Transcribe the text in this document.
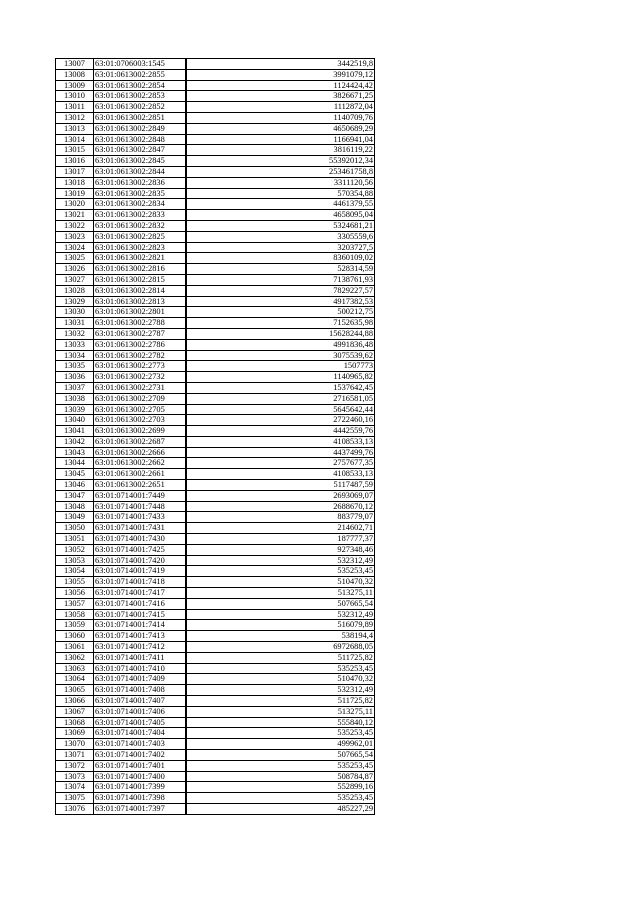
13007	63:01:0706003:1545	3442519,8
13008	63:01:0613002:2855	3991079,12
13009	63:01:0613002:2854	1124424,42
13010	63:01:0613002:2853	3826671,25
13011	63:01:0613002:2852	1112872,04
13012	63:01:0613002:2851	1140709,76
13013	63:01:0613002:2849	4650689,29
13014	63:01:0613002:2848	1166941,04
13015	63:01:0613002:2847	3816119,22
13016	63:01:0613002:2845	55392012,34
13017	63:01:0613002:2844	253461758,8
13018	63:01:0613002:2836	3311120,56
13019	63:01:0613002:2835	570354,88
13020	63:01:0613002:2834	4461379,55
13021	63:01:0613002:2833	4658095,04
13022	63:01:0613002:2832	5324681,21
13023	63:01:0613002:2825	3305559,6
13024	63:01:0613002:2823	3203727,5
13025	63:01:0613002:2821	8360109,02
13026	63:01:0613002:2816	528314,59
13027	63:01:0613002:2815	7138761,93
13028	63:01:0613002:2814	7829227,57
13029	63:01:0613002:2813	4917382,53
13030	63:01:0613002:2801	500212,75
13031	63:01:0613002:2788	7152635,98
13032	63:01:0613002:2787	15628244,88
13033	63:01:0613002:2786	4991836,48
13034	63:01:0613002:2782	3075539,62
13035	63:01:0613002:2773	1507773
13036	63:01:0613002:2732	1140965,82
13037	63:01:0613002:2731	1537642,45
13038	63:01:0613002:2709	2716581,05
13039	63:01:0613002:2705	5645642,44
13040	63:01:0613002:2703	2722460,16
13041	63:01:0613002:2699	4442559,76
13042	63:01:0613002:2687	4108533,13
13043	63:01:0613002:2666	4437499,76
13044	63:01:0613002:2662	2757677,35
13045	63:01:0613002:2661	4108533,13
13046	63:01:0613002:2651	5117487,59
13047	63:01:0714001:7449	2693069,07
13048	63:01:0714001:7448	2688670,12
13049	63:01:0714001:7433	883779,07
13050	63:01:0714001:7431	214602,71
13051	63:01:0714001:7430	187777,37
13052	63:01:0714001:7425	927348,46
13053	63:01:0714001:7420	532312,49
13054	63:01:0714001:7419	535253,45
13055	63:01:0714001:7418	510470,32
13056	63:01:0714001:7417	513275,11
13057	63:01:0714001:7416	507665,54
13058	63:01:0714001:7415	532312,49
13059	63:01:0714001:7414	516079,89
13060	63:01:0714001:7413	538194,4
13061	63:01:0714001:7412	6972688,05
13062	63:01:0714001:7411	511725,82
13063	63:01:0714001:7410	535253,45
13064	63:01:0714001:7409	510470,32
13065	63:01:0714001:7408	532312,49
13066	63:01:0714001:7407	511725,82
13067	63:01:0714001:7406	513275,11
13068	63:01:0714001:7405	555840,12
13069	63:01:0714001:7404	535253,45
13070	63:01:0714001:7403	499962,01
13071	63:01:0714001:7402	507665,54
13072	63:01:0714001:7401	535253,45
13073	63:01:0714001:7400	508784,87
13074	63:01:0714001:7399	552899,16
13075	63:01:0714001:7398	535253,45
13076	63:01:0714001:7397	485227,29
